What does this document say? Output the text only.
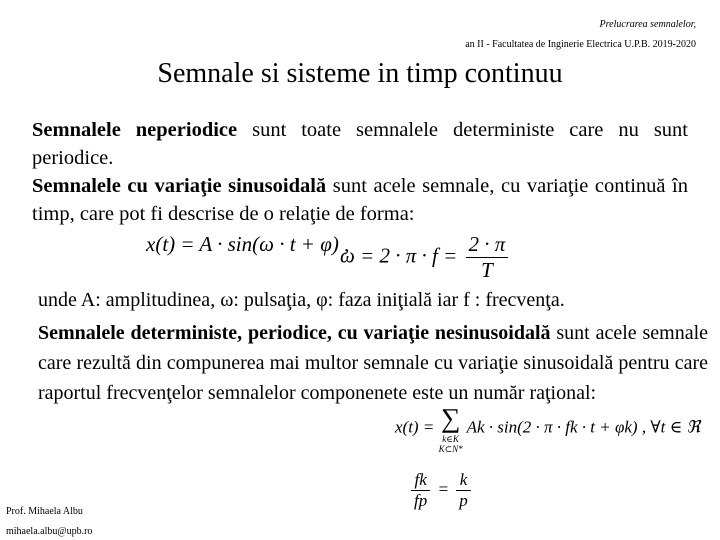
Prelucrarea semnalelor,
an II - Facultatea de Inginerie Electrica U.P.B. 2019-2020
Semnale si sisteme in timp continuu
Semnalele neperiodice sunt toate semnalele deterministe care nu sunt periodice.
Semnalele cu variaţie sinusoidală sunt acele semnale, cu variaţie continuă în timp, care pot fi descrise de o relaţie de forma:
x(t) = A · sin(ω · t + φ) ,
$\omega = 2 \cdot \pi \cdot f = \frac{2 \cdot \pi}{T}$
unde A: amplitudinea, ω: pulsaţia, φ: faza iniţială iar f : frecvenţa.
Semnalele deterministe, periodice, cu variaţie nesinusoidală sunt acele semnale care rezultă din compunerea mai multor semnale cu variaţie sinusoidală pentru care raportul frecvenţelor semnalelor componenete este un număr raţional:
x(t) = ∑
k∈K
K⊂N*
Ak · sin(2 · π · fk · t + φk) , ∀t ∈ ℜ
$\frac{fk}{fp} = \frac{k}{p}$
Prof. Mihaela Albu
mihaela.albu@upb.ro
